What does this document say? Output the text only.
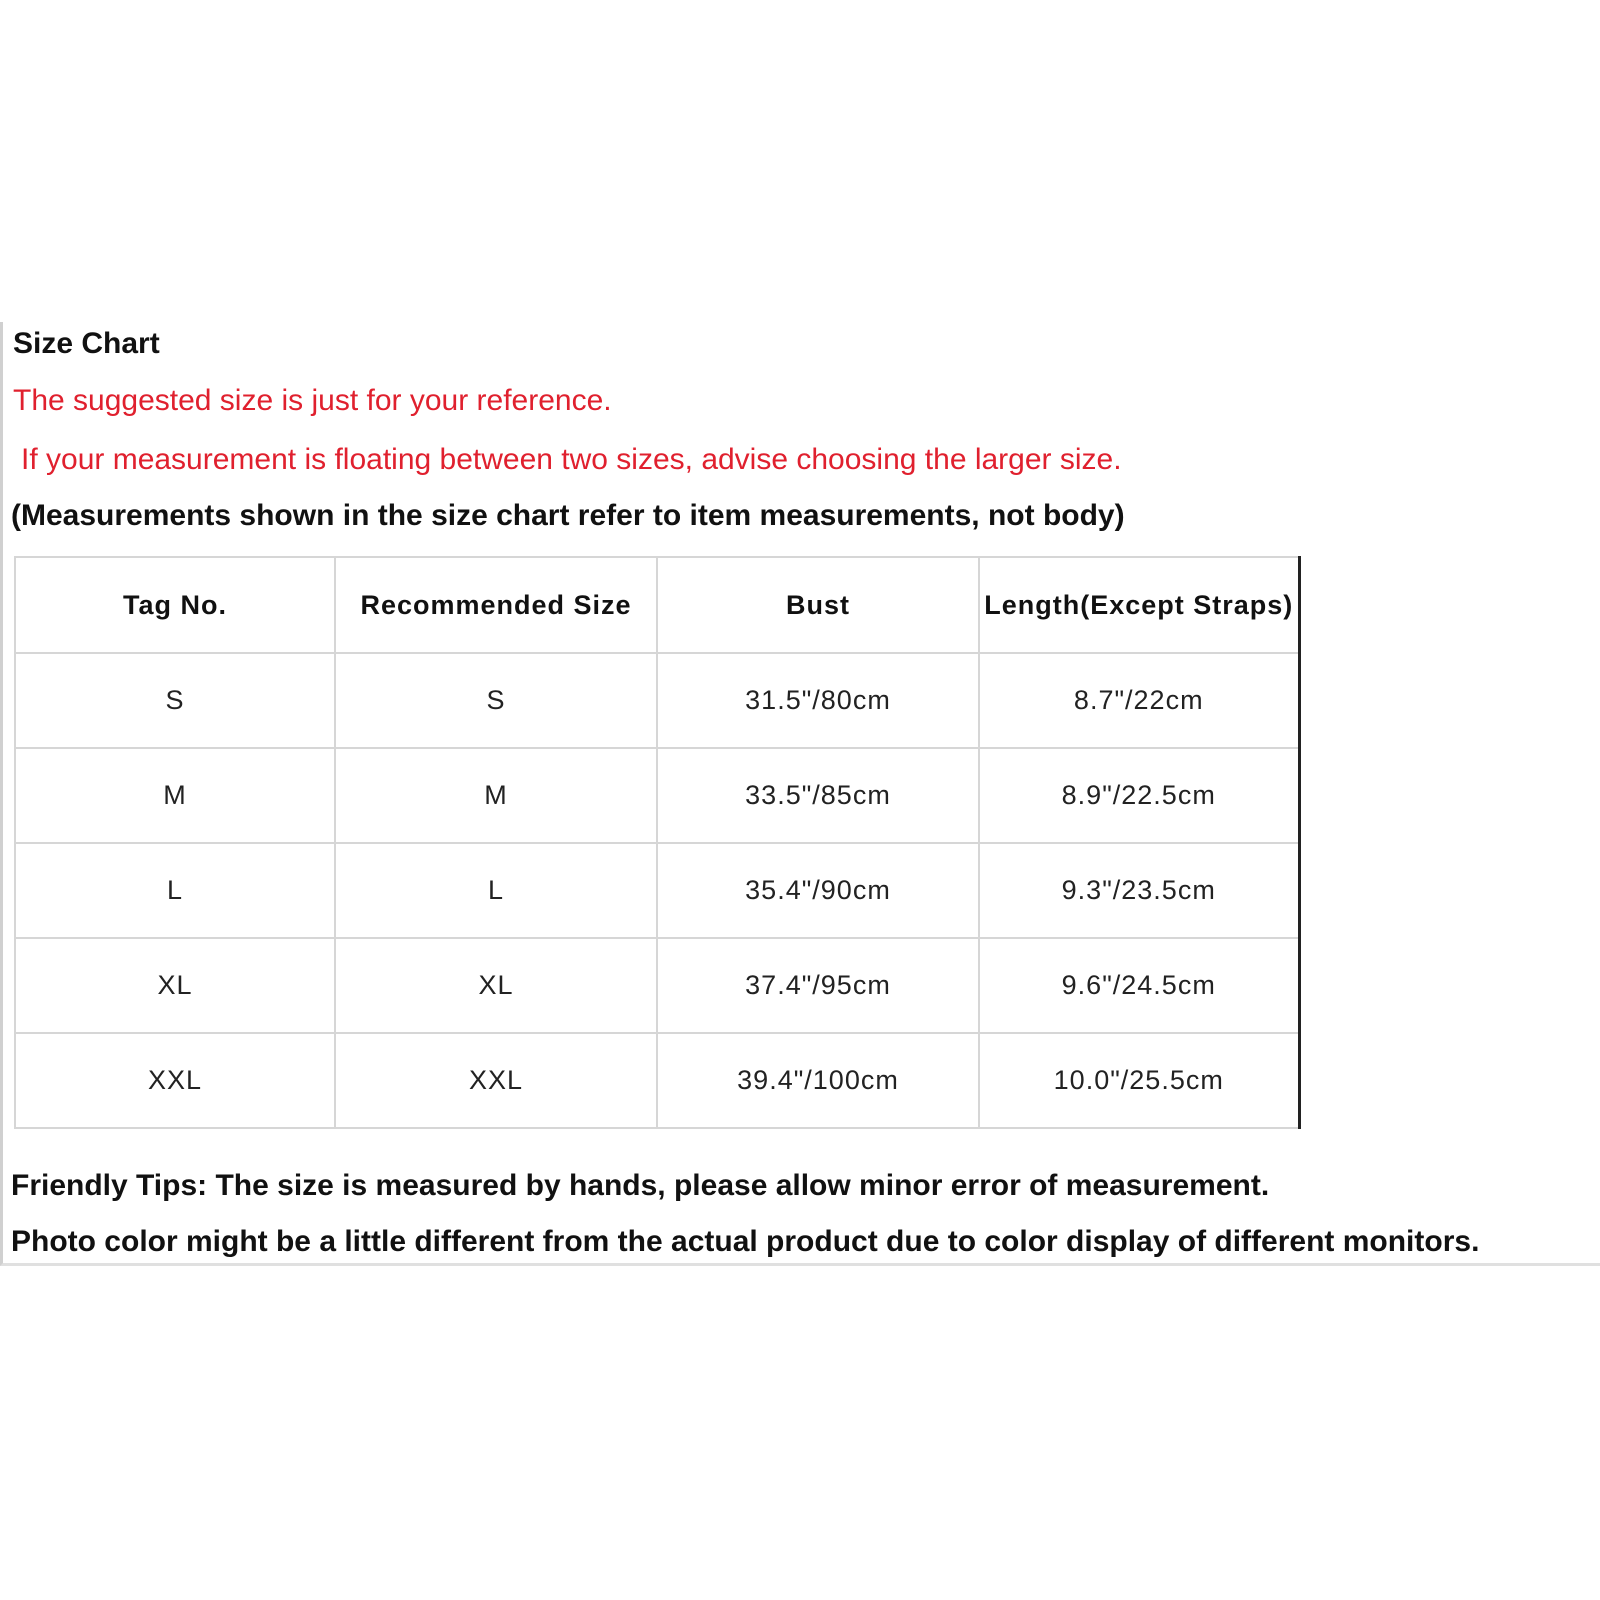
Size Chart
The suggested size is just for your reference.
If your measurement is floating between two sizes, advise choosing the larger size.
(Measurements shown in the size chart refer to item measurements, not body)
Tag No.	Recommended Size	Bust	Length(Except Straps)
S	S	31.5"/80cm	8.7"/22cm
M	M	33.5"/85cm	8.9"/22.5cm
L	L	35.4"/90cm	9.3"/23.5cm
XL	XL	37.4"/95cm	9.6"/24.5cm
XXL	XXL	39.4"/100cm	10.0"/25.5cm
Friendly Tips: The size is measured by hands, please allow minor error of measurement.
Photo color might be a little different from the actual product due to color display of different monitors.
